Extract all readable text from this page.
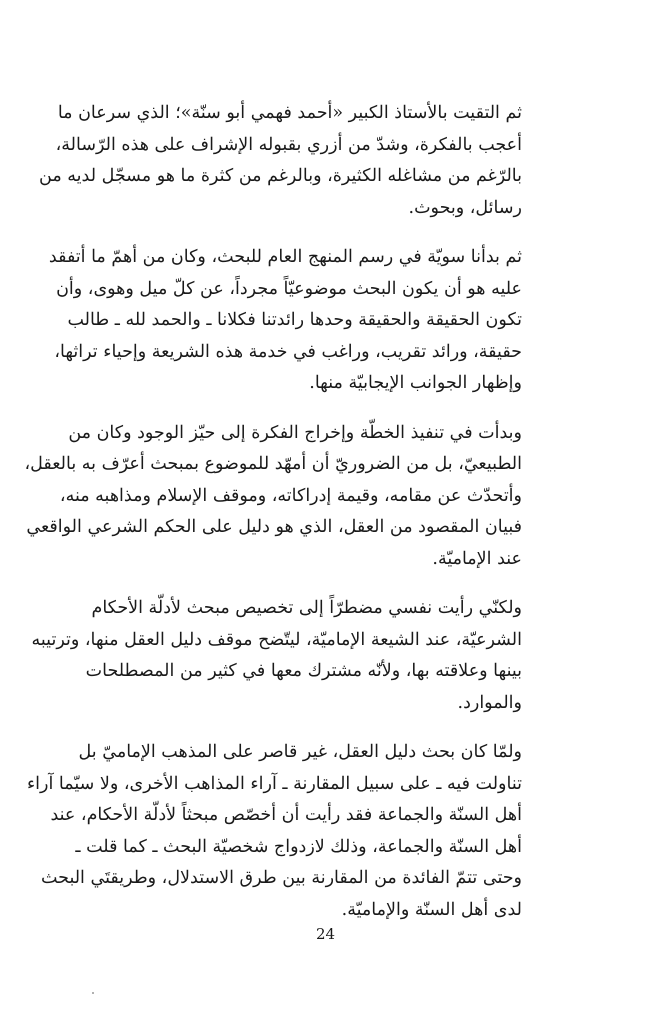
ثم التقيت بالأستاذ الكبير «أحمد فهمي أبو سنّة»؛ الذي سرعان ما
أعجب بالفكرة، وشدّ من أزري بقبوله الإشراف على هذه الرّسالة،
بالرّغم من مشاغله الكثيرة، وبالرغم من كثرة ما هو مسجّل لديه من
رسائل، وبحوث.

ثم بدأنا سويّة في رسم المنهج العام للبحث، وكان من أهمّ ما أتفقد
عليه هو أن يكون البحث موضوعيّاً مجرداً، عن كلّ ميل وهوى، وأن
تكون الحقيقة والحقيقة وحدها رائدتنا فكلانا ـ والحمد لله ـ طالب
حقيقة، ورائد تقريب، وراغب في خدمة هذه الشريعة وإحياء تراثها،
وإظهار الجوانب الإيجابيّة منها.

وبدأت في تنفيذ الخطّة وإخراج الفكرة إلى حيّز الوجود وكان من
الطبيعيّ، بل من الضروريّ أن أمهّد للموضوع بمبحث أعرّف به بالعقل،
وأتحدّث عن مقامه، وقيمة إدراكاته، وموقف الإسلام ومذاهبه منه،
فبيان المقصود من العقل، الذي هو دليل على الحكم الشرعي الواقعي
عند الإماميّة.

ولكنّي رأيت نفسي مضطرّاً إلى تخصيص مبحث لأدلّة الأحكام
الشرعيّة، عند الشيعة الإماميّة، ليتّضح موقف دليل العقل منها، وترتيبه
بينها وعلاقته بها، ولأنّه مشترك معها في كثير من المصطلحات
والموارد.

ولمّا كان بحث دليل العقل، غير قاصر على المذهب الإماميّ بل
تناولت فيه ـ على سبيل المقارنة ـ آراء المذاهب الأخرى، ولا سيّما آراء
أهل السنّة والجماعة فقد رأيت أن أخصّص مبحثاً لأدلّة الأحكام، عند
أهل السنّة والجماعة، وذلك لازدواج شخصيّة البحث ـ كما قلت ـ
وحتى تتمّ الفائدة من المقارنة بين طرق الاستدلال، وطريقتَي البحث
لدى أهل السنّة والإماميّة.

24
